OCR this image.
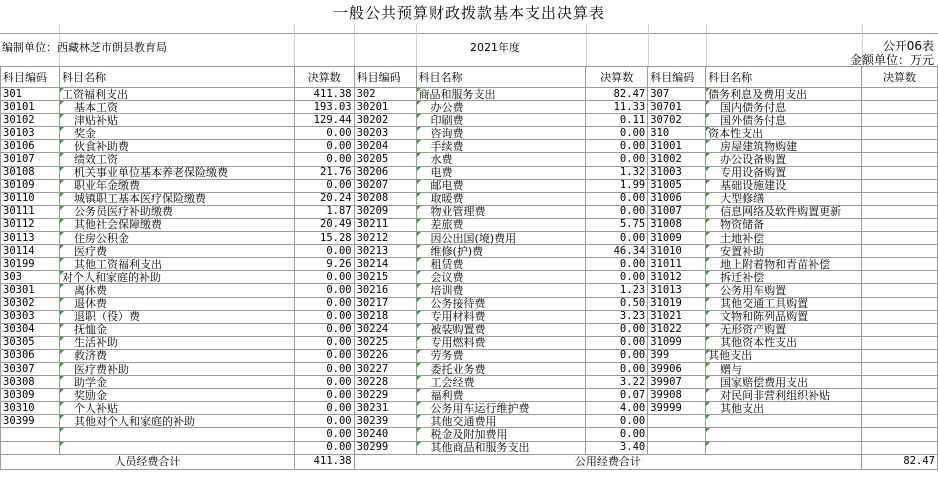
一般公共预算财政拨款基本支出决算表
编制单位：西藏林芝市朗县教育局	2021年度	公开06表
金额单位：万元
科目编码	科目名称	决算数	科目编码	科目名称	决算数	科目编码	科目名称	决算数
301	工资福利支出	411.38	302	商品和服务支出	82.47	307	债务利息及费用支出	
30101	基本工资	193.03	30201	办公费	11.33	30701	国内债务付息	
30102	津贴补贴	129.44	30202	印刷费	0.11	30702	国外债务付息	
30103	奖金	0.00	30203	咨询费	0.00	310	资本性支出	
30106	伙食补助费	0.00	30204	手续费	0.00	31001	房屋建筑物购建	
30107	绩效工资	0.00	30205	水费	0.00	31002	办公设备购置	
30108	机关事业单位基本养老保险缴费	21.76	30206	电费	1.32	31003	专用设备购置	
30109	职业年金缴费	0.00	30207	邮电费	1.99	31005	基础设施建设	
30110	城镇职工基本医疗保险缴费	20.24	30208	取暖费	0.00	31006	大型修缮	
30111	公务员医疗补助缴费	1.87	30209	物业管理费	0.00	31007	信息网络及软件购置更新	
30112	其他社会保障缴费	20.49	30211	差旅费	5.75	31008	物资储备	
30113	住房公积金	15.28	30212	因公出国(境)费用	0.00	31009	土地补偿	
30114	医疗费	0.00	30213	维修(护)费	46.34	31010	安置补助	
30199	其他工资福利支出	9.26	30214	租赁费	0.00	31011	地上附着物和青苗补偿	
303	对个人和家庭的补助	0.00	30215	会议费	0.00	31012	拆迁补偿	
30301	离休费	0.00	30216	培训费	1.23	31013	公务用车购置	
30302	退休费	0.00	30217	公务接待费	0.50	31019	其他交通工具购置	
30303	退职（役）费	0.00	30218	专用材料费	3.23	31021	文物和陈列品购置	
30304	抚恤金	0.00	30224	被装购置费	0.00	31022	无形资产购置	
30305	生活补助	0.00	30225	专用燃料费	0.00	31099	其他资本性支出	
30306	救济费	0.00	30226	劳务费	0.00	399	其他支出	
30307	医疗费补助	0.00	30227	委托业务费	0.00	39906	赠与	
30308	助学金	0.00	30228	工会经费	3.22	39907	国家赔偿费用支出	
30309	奖励金	0.00	30229	福利费	0.07	39908	对民间非营利组织补贴	
30310	个人补贴	0.00	30231	公务用车运行维护费	4.00	39999	其他支出	
30399	其他对个人和家庭的补助	0.00	30239	其他交通费用	0.00			
		0.00	30240	税金及附加费用	0.00			
		0.00	30299	其他商品和服务支出	3.40			
人员经费合计		411.38	公用经费合计					82.47
